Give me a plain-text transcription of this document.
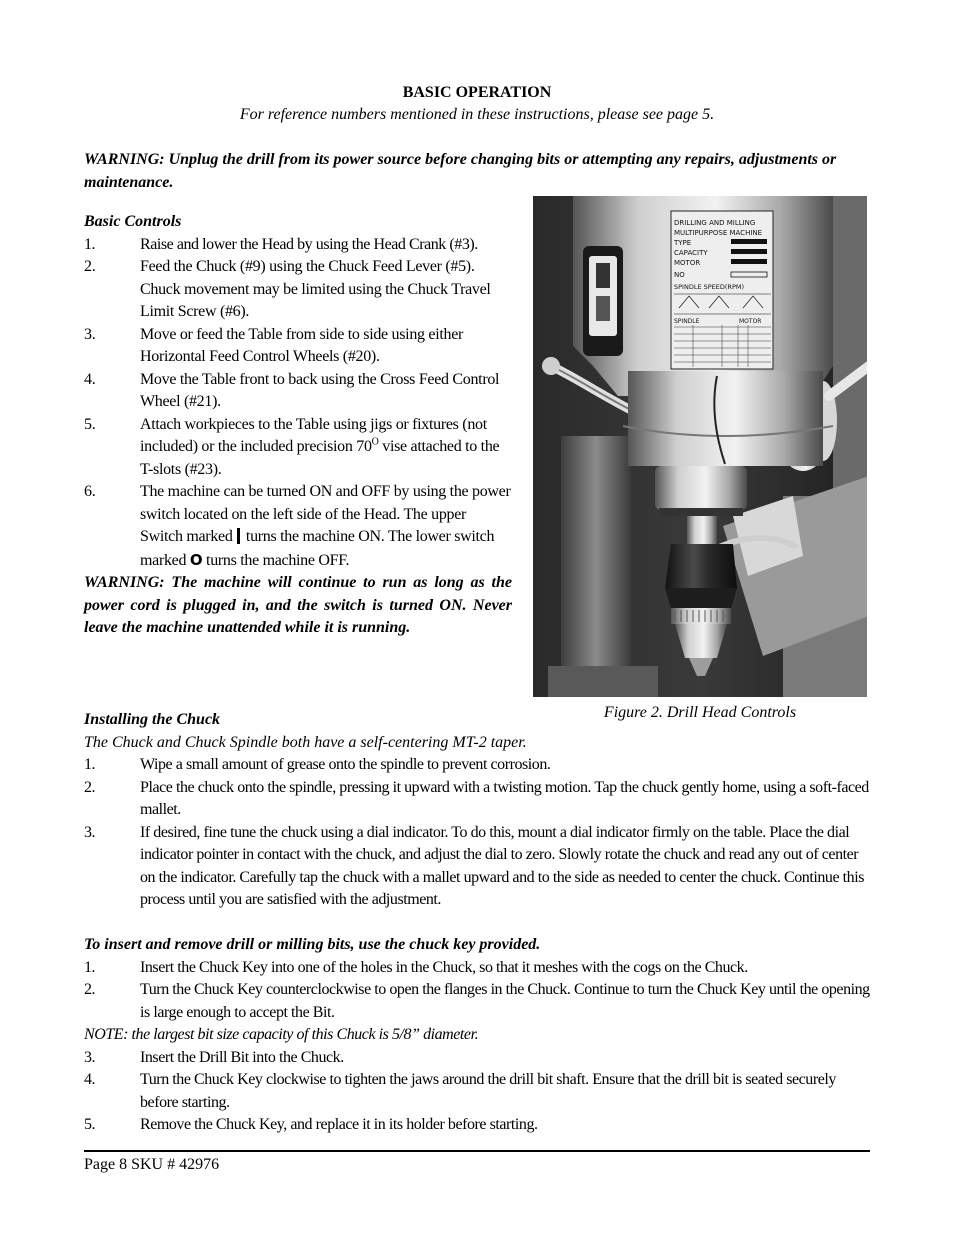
BASIC OPERATION
For reference numbers mentioned in these instructions, please see page 5.
WARNING: Unplug the drill from its power source before changing bits or attempting any repairs, adjustments or maintenance.
Basic Controls
1.	Raise and lower the Head by using the Head Crank (#3).
2.	Feed the Chuck (#9) using the Chuck Feed Lever (#5). Chuck movement may be limited using the Chuck Travel Limit Screw (#6).
3.	Move or feed the Table from side to side using either Horizontal Feed Control Wheels (#20).
4.	Move the Table front to back using the Cross Feed Control Wheel (#21).
5.	Attach workpieces to the Table using jigs or fixtures (not included) or the included precision $70^O$ vise attached to the T-slots (#23).
6.	The machine can be turned ON and OFF by using the power switch located on the left side of the Head. The upper Switch marked  turns the machine ON. The lower switch marked O turns the machine OFF.
WARNING: The machine will continue to run as long as the power cord is plugged in, and the switch is turned ON. Never leave the machine unattended while it is running.
DRILLING AND MILLING
MULTIPURPOSE MACHINE
TYPE
CAPACITY
MOTOR
NO
SPINDLE SPEED(RPM)
SPINDLE	MOTOR
Figure 2. Drill Head Controls
Installing the Chuck
The Chuck and Chuck Spindle both have a self-centering MT-2 taper.
1.	Wipe a small amount of grease onto the spindle to prevent corrosion.
2.	Place the chuck onto the spindle, pressing it upward with a twisting motion. Tap the chuck gently home, using a soft-faced mallet.
3.	If desired, fine tune the chuck using a dial indicator. To do this, mount a dial indicator firmly on the table. Place the dial indicator pointer in contact with the chuck, and adjust the dial to zero. Slowly rotate the chuck and read any out of center on the indicator. Carefully tap the chuck with a mallet upward and to the side as needed to center the chuck. Continue this process until you are satisfied with the adjustment.
To insert and remove drill or milling bits, use the chuck key provided.
1.	Insert the Chuck Key into one of the holes in the Chuck, so that it meshes with the cogs on the Chuck.
2.	Turn the Chuck Key counterclockwise to open the flanges in the Chuck. Continue to turn the Chuck Key until the opening is large enough to accept the Bit.
NOTE: the largest bit size capacity of this Chuck is 5/8” diameter.
3.	Insert the Drill Bit into the Chuck.
4.	Turn the Chuck Key clockwise to tighten the jaws around the drill bit shaft. Ensure that the drill bit is seated securely before starting.
5.	Remove the Chuck Key, and replace it in its holder before starting.
Page 8 SKU # 42976
